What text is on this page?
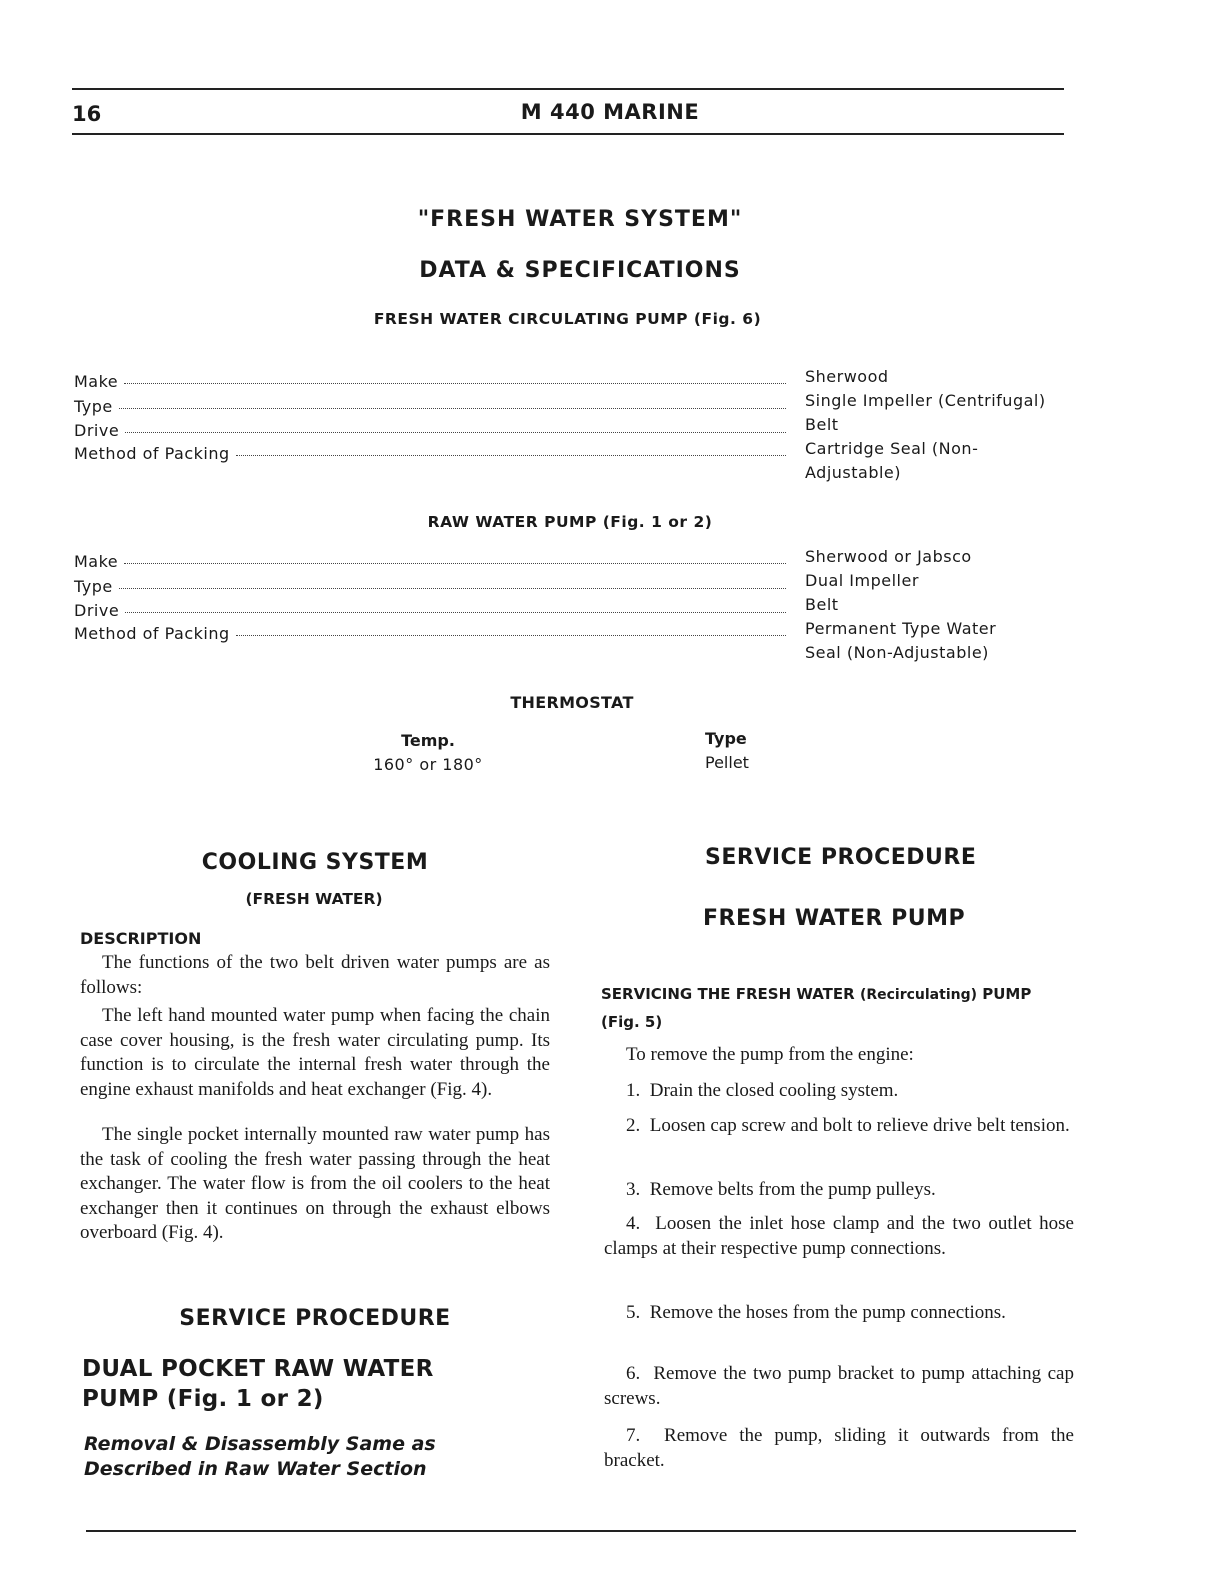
16	M 440 MARINE
"FRESH WATER SYSTEM"
DATA & SPECIFICATIONS
FRESH WATER CIRCULATING PUMP (Fig. 6)
Make
Type
Drive
Method of Packing
Sherwood
Single Impeller (Centrifugal)
Belt
Cartridge Seal (Non-
Adjustable)
RAW WATER PUMP (Fig. 1 or 2)
Make
Type
Drive
Method of Packing
Sherwood or Jabsco
Dual Impeller
Belt
Permanent Type Water
Seal (Non-Adjustable)
THERMOSTAT
Temp.
160° or 180°
Type
Pellet
COOLING SYSTEM
(FRESH WATER)
DESCRIPTION

The functions of the two belt driven water pumps are as follows:

The left hand mounted water pump when facing the chain case cover housing, is the fresh water circulating pump. Its function is to circulate the internal fresh water through the engine exhaust manifolds and heat exchanger (Fig. 4).

The single pocket internally mounted raw water pump has the task of cooling the fresh water passing through the heat exchanger. The water flow is from the oil coolers to the heat exchanger then it continues on through the exhaust elbows overboard (Fig. 4).

SERVICE PROCEDURE
DUAL POCKET RAW WATER
PUMP (Fig. 1 or 2)
Removal & Disassembly Same as
Described in Raw Water Section
SERVICE PROCEDURE
FRESH WATER PUMP
SERVICING THE FRESH WATER (Recirculating) PUMP
(Fig. 5)

To remove the pump from the engine:

1.  Drain the closed cooling system.

2.  Loosen cap screw and bolt to relieve drive belt tension.

3.  Remove belts from the pump pulleys.

4.  Loosen the inlet hose clamp and the two outlet hose clamps at their respective pump connections.

5.  Remove the hoses from the pump connections.

6.  Remove the two pump bracket to pump attaching cap screws.

7.  Remove the pump, sliding it outwards from the bracket.
